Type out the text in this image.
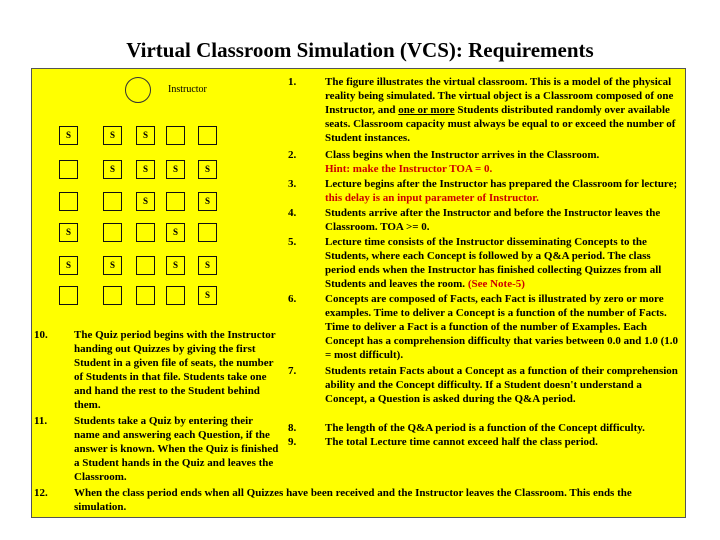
Virtual Classroom Simulation (VCS): Requirements
Instructor
S	S	S
S	S	S	S
S	S
S	S
S	S	S	S
S
1.	The figure illustrates the virtual classroom. This is a model of the physical reality being simulated. The virtual object is a Classroom composed of one Instructor, and one or more Students distributed randomly over available seats. Classroom capacity must always be equal to or exceed the number of Student instances.
2.	Class begins when the Instructor arrives in the Classroom.
Hint: make the Instructor TOA = 0.
3.	Lecture begins after the Instructor has prepared the Classroom for lecture; this delay is an input parameter of Instructor.
4.	Students arrive after the Instructor and before the Instructor leaves the Classroom. TOA >= 0.
5.	Lecture time consists of the Instructor disseminating Concepts to the Students, where each Concept is followed by a Q&A period. The class period ends when the Instructor has finished collecting Quizzes from all Students and leaves the room. (See Note-5)
6.	Concepts are composed of Facts, each Fact is illustrated by zero or more examples. Time to deliver a Concept is a function of the number of Facts. Time to deliver a Fact is a function of the number of Examples. Each Concept has a comprehension difficulty that varies between 0.0 and 1.0 (1.0 = most difficult).
7.	Students retain Facts about a Concept as a function of their comprehension ability and the Concept difficulty. If a Student doesn't understand a Concept, a Question is asked during the Q&A period.
8.	The length of the Q&A period is a function of the Concept difficulty.
9.	The total Lecture time cannot exceed half the class period.
10. The Quiz period begins with the Instructor handing out Quizzes by giving the first Student in a given file of seats, the number of Students in that file. Students take one and hand the rest to the Student behind them.
11. Students take a Quiz by entering their name and answering each Question, if the answer is known. When the Quiz is finished a Student hands in the Quiz and leaves the Classroom.
12. When the class period ends when all Quizzes have been received and the Instructor leaves the Classroom. This ends the simulation.
